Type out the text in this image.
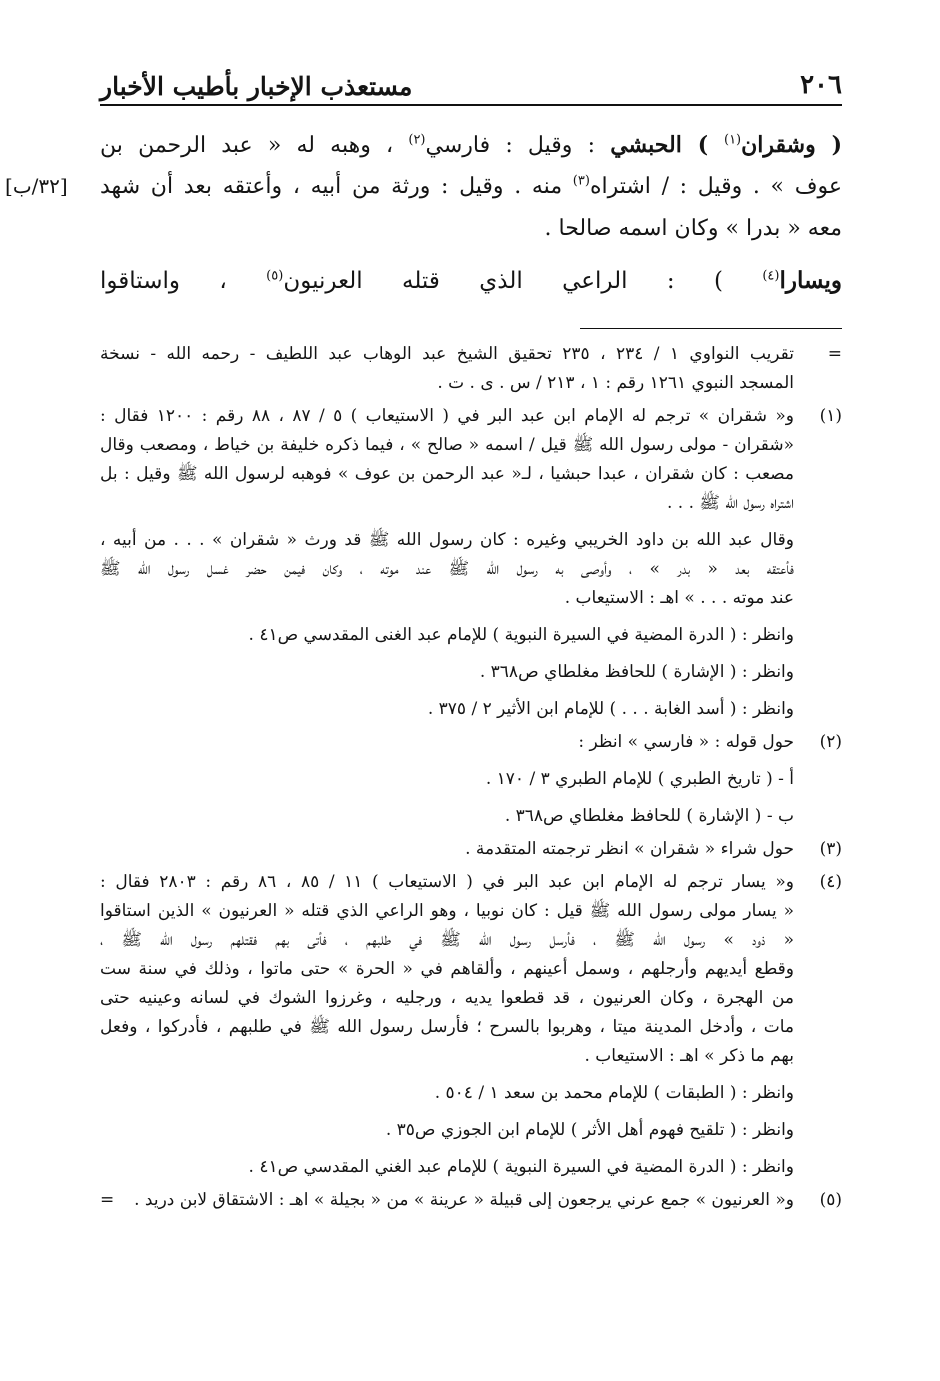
٢٠٦
مستعذب الإخبار بأطيب الأخبار
[٣٢/ب]
( وشقران$^{(١)}$ ) الحبشي : وقيل : فارسي$^{(٢)}$ ، وهبه له « عبد الرحمن بن
عوف » . وقيل : / اشتراه$^{(٣)}$ منه . وقيل : ورثة من أبيه ، وأعتقه بعد أن شهد
معه « بدرا » وكان اسمه صالحا .
ويسارا$^{(٤)}$ ) : الراعي الذي قتله العرنيون$^{(٥)}$ ، واستاقوا
=
تقريب النواوي ١ / ٢٣٤ ، ٢٣٥ تحقيق الشيخ عبد الوهاب عبد اللطيف - رحمه الله - نسخة
المسجد النبوي ١٢٦١ رقم : ١ ، ٢١٣ / س . ى . ت .
(١)
و« شقران » ترجم له الإمام ابن عبد البر في ( الاستيعاب ) ٥ / ٨٧ ، ٨٨ رقم : ١٢٠٠ فقال :
«شقران - مولى رسول الله ﷺ قيل / اسمه « صالح » ، فيما ذكره خليفة بن خياط ، ومصعب وقال
مصعب : كان شقران ، عبدا حبشيا ، لـ« عبد الرحمن بن عوف » فوهبه لرسول الله ﷺ وقيل : بل
اشتراه رسول الله ﷺ . . .
وقال عبد الله بن داود الخريبي وغيره : كان رسول الله ﷺ قد ورث « شقران » . . . من أبيه ،
فأعتقه بعد « بدر » ، وأوصى به رسول الله ﷺ عند موته ، وكان فيمن حضر غسل رسول الله ﷺ
عند موته . . . » اهـ : الاستيعاب .
وانظر : ( الدرة المضية في السيرة النبوية ) للإمام عبد الغنى المقدسي ص٤١ .
وانظر : ( الإشارة ) للحافظ مغلطاي ص٣٦٨ .
وانظر : ( أسد الغابة . . . ) للإمام ابن الأثير ٢ / ٣٧٥ .
(٢)
حول قوله : « فارسي » انظر :
أ - ( تاريخ الطبري ) للإمام الطبري ٣ / ١٧٠ .
ب - ( الإشارة ) للحافظ مغلطاي ص٣٦٨ .
(٣)
حول شراء « شقران » انظر ترجمته المتقدمة .
(٤)
و« يسار ترجم له الإمام ابن عبد البر في ( الاستيعاب ) ١١ / ٨٥ ، ٨٦ رقم : ٢٨٠٣ فقال :
« يسار مولى رسول الله ﷺ قيل : كان نوبيا ، وهو الراعي الذي قتله « العرنيون » الذين استاقوا
« ذود » رسول الله ﷺ ، فأرسل رسول الله ﷺ في طلبهم ، فأتى بهم فقتلهم رسول الله ﷺ ،
وقطع أيديهم وأرجلهم ، وسمل أعينهم ، وألقاهم في « الحرة » حتى ماتوا ، وذلك في سنة ست
من الهجرة ، وكان العرنيون ، قد قطعوا يديه ، ورجليه ، وغرزوا الشوك في لسانه وعينيه حتى
مات ، وأدخل المدينة ميتا ، وهربوا بالسرح ؛ فأرسل رسول الله ﷺ في طلبهم ، فأدركوا ، وفعل
بهم ما ذكر » اهـ : الاستيعاب .
وانظر : ( الطبقات ) للإمام محمد بن سعد ١ / ٥٠٤ .
وانظر : ( تلقيح فهوم أهل الأثر ) للإمام ابن الجوزي ص٣٥ .
وانظر : ( الدرة المضية في السيرة النبوية ) للإمام عبد الغني المقدسي ص٤١ .
(٥)
و« العرنيون » جمع عرني يرجعون إلى قبيلة « عرينة » من « بجيلة » اهـ : الاشتقاق لابن دريد .
=
